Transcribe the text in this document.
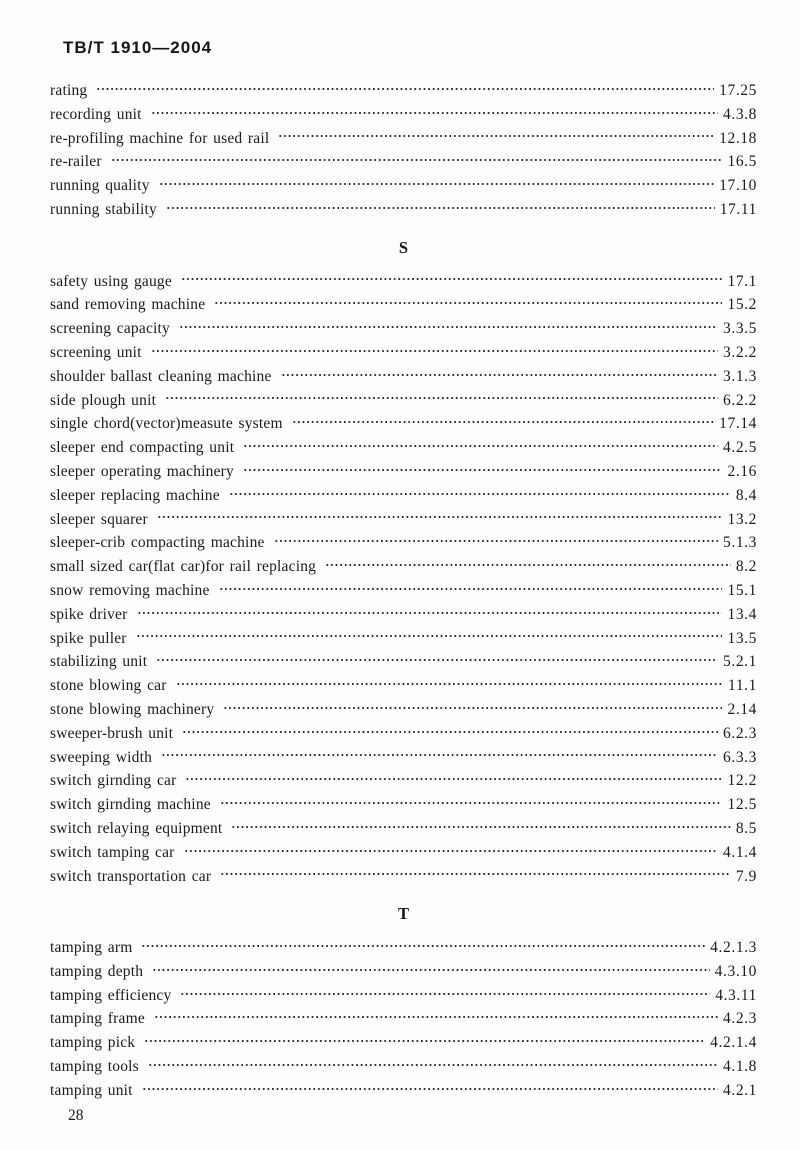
TB/T 1910—2004
rating	17.25
recording unit	4.3.8
re-profiling machine for used rail	12.18
re-railer	16.5
running quality	17.10
running stability	17.11
S
safety using gauge	17.1
sand removing machine	15.2
screening capacity	3.3.5
screening unit	3.2.2
shoulder ballast cleaning machine	3.1.3
side plough unit	6.2.2
single chord(vector)measute system	17.14
sleeper end compacting unit	4.2.5
sleeper operating machinery	2.16
sleeper replacing machine	8.4
sleeper squarer	13.2
sleeper-crib compacting machine	5.1.3
small sized car(flat car)for rail replacing	8.2
snow removing machine	15.1
spike driver	13.4
spike puller	13.5
stabilizing unit	5.2.1
stone blowing car	11.1
stone blowing machinery	2.14
sweeper-brush unit	6.2.3
sweeping width	6.3.3
switch girnding car	12.2
switch girnding machine	12.5
switch relaying equipment	8.5
switch tamping car	4.1.4
switch transportation car	7.9
T
tamping arm	4.2.1.3
tamping depth	4.3.10
tamping efficiency	4.3.11
tamping frame	4.2.3
tamping pick	4.2.1.4
tamping tools	4.1.8
tamping unit	4.2.1
28
